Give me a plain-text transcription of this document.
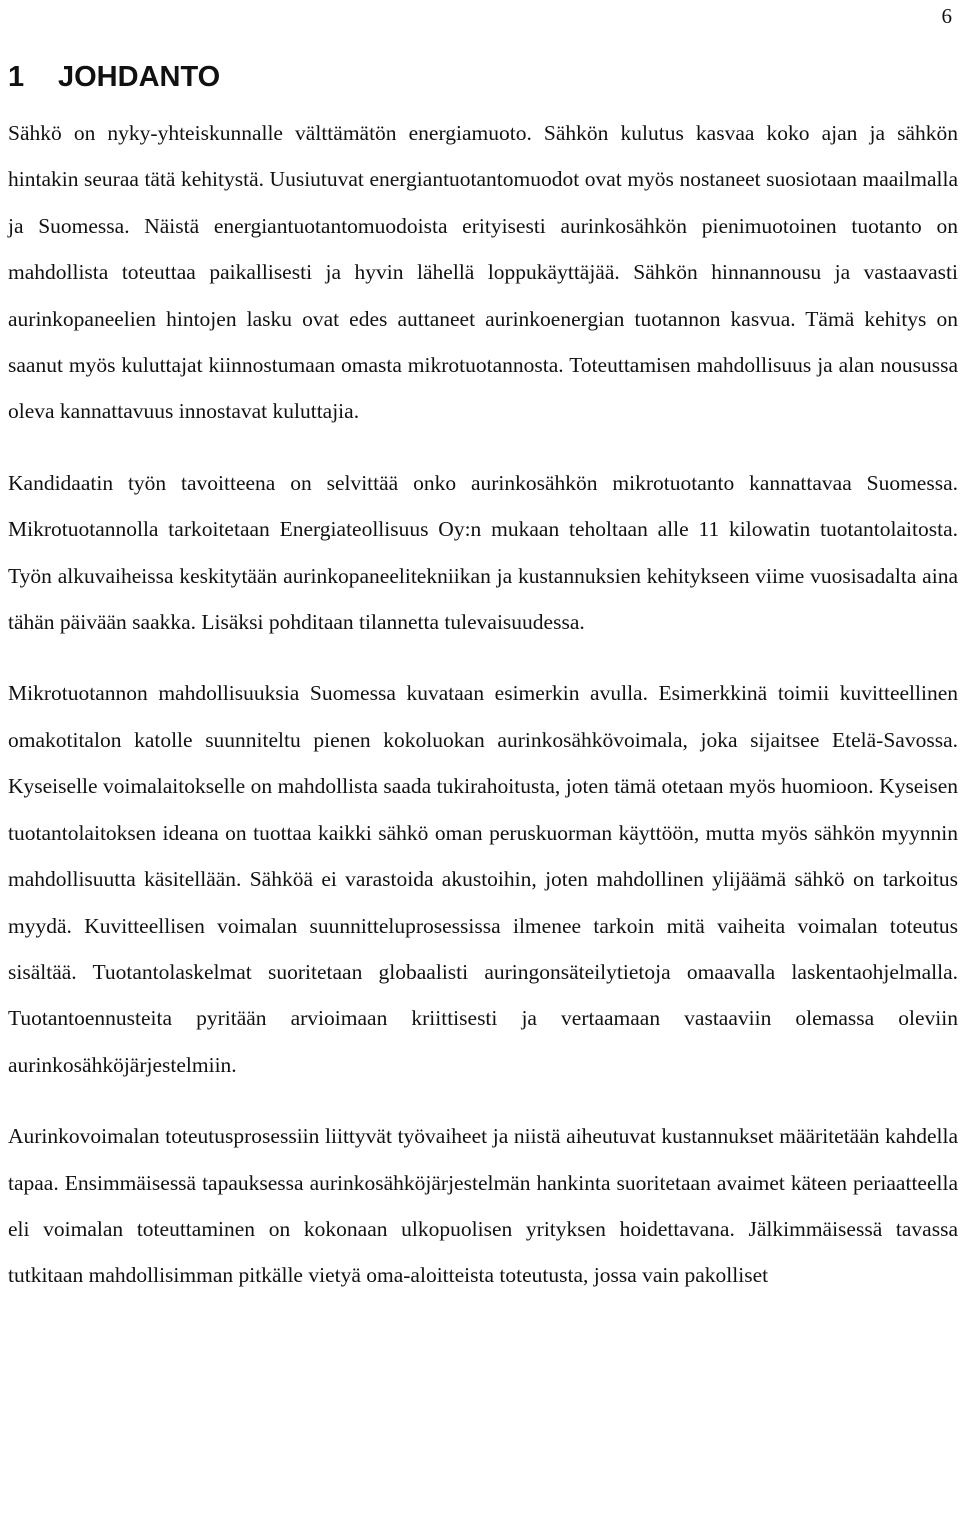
6
1 JOHDANTO

Sähkö on nyky-yhteiskunnalle välttämätön energiamuoto. Sähkön kulutus kasvaa koko ajan ja sähkön hintakin seuraa tätä kehitystä. Uusiutuvat energiantuotantomuodot ovat myös nostaneet suosiotaan maailmalla ja Suomessa. Näistä energiantuotantomuodoista erityisesti aurinkosähkön pienimuotoinen tuotanto on mahdollista toteuttaa paikallisesti ja hyvin lähellä loppukäyttäjää. Sähkön hinnannousu ja vastaavasti aurinkopaneelien hintojen lasku ovat edes auttaneet aurinkoenergian tuotannon kasvua. Tämä kehitys on saanut myös kuluttajat kiinnostumaan omasta mikrotuotannosta. Toteuttamisen mahdollisuus ja alan nousussa oleva kannattavuus innostavat kuluttajia.

Kandidaatin työn tavoitteena on selvittää onko aurinkosähkön mikrotuotanto kannattavaa Suomessa. Mikrotuotannolla tarkoitetaan Energiateollisuus Oy:n mukaan teholtaan alle 11 kilowatin tuotantolaitosta. Työn alkuvaiheissa keskitytään aurinkopaneelitekniikan ja kustannuksien kehitykseen viime vuosisadalta aina tähän päivään saakka. Lisäksi pohditaan tilannetta tulevaisuudessa.

Mikrotuotannon mahdollisuuksia Suomessa kuvataan esimerkin avulla. Esimerkkinä toimii kuvitteellinen omakotitalon katolle suunniteltu pienen kokoluokan aurinkosähkövoimala, joka sijaitsee Etelä-Savossa. Kyseiselle voimalaitokselle on mahdollista saada tukirahoitusta, joten tämä otetaan myös huomioon. Kyseisen tuotantolaitoksen ideana on tuottaa kaikki sähkö oman peruskuorman käyttöön, mutta myös sähkön myynnin mahdollisuutta käsitellään. Sähköä ei varastoida akustoihin, joten mahdollinen ylijäämä sähkö on tarkoitus myydä. Kuvitteellisen voimalan suunnitteluprosessissa ilmenee tarkoin mitä vaiheita voimalan toteutus sisältää. Tuotantolaskelmat suoritetaan globaalisti auringonsäteilytietoja omaavalla laskentaohjelmalla. Tuotantoennusteita pyritään arvioimaan kriittisesti ja vertaamaan vastaaviin olemassa oleviin aurinkosähköjärjestelmiin.

Aurinkovoimalan toteutusprosessiin liittyvät työvaiheet ja niistä aiheutuvat kustannukset määritetään kahdella tapaa. Ensimmäisessä tapauksessa aurinkosähköjärjestelmän hankinta suoritetaan avaimet käteen periaatteella eli voimalan toteuttaminen on kokonaan ulkopuolisen yrityksen hoidettavana. Jälkimmäisessä tavassa tutkitaan mahdollisimman pitkälle vietyä oma-aloitteista toteutusta, jossa vain pakolliset
